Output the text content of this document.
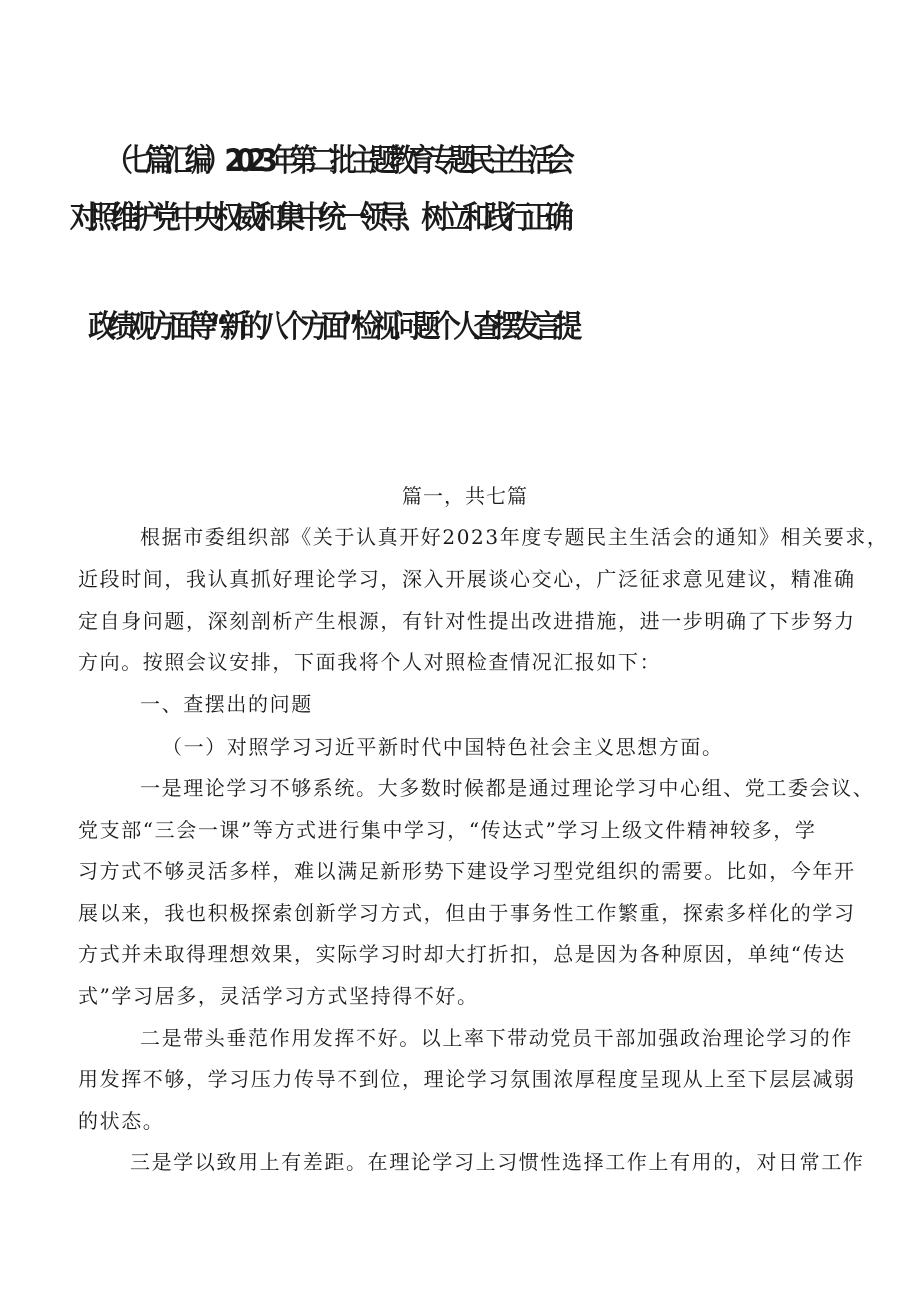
（七篇汇编）2023年第二批主题教育专题民主生活会
对照维护党中央权威和集中统一领导、树立和践行正确
政绩观方面等“新的八个方面”检视问题个人查摆发言提

篇一，共七篇

根据市委组织部《关于认真开好2023年度专题民主生活会的通知》相关要求，

近段时间，我认真抓好理论学习，深入开展谈心交心，广泛征求意见建议，精准确

定自身问题，深刻剖析产生根源，有针对性提出改进措施，进一步明确了下步努力

方向。按照会议安排，下面我将个人对照检查情况汇报如下：

一、查摆出的问题

（一）对照学习习近平新时代中国特色社会主义思想方面。

一是理论学习不够系统。大多数时候都是通过理论学习中心组、党工委会议、

党支部“三会一课”等方式进行集中学习，“传达式”学习上级文件精神较多，学

习方式不够灵活多样，难以满足新形势下建设学习型党组织的需要。比如，今年开

展以来，我也积极探索创新学习方式，但由于事务性工作繁重，探索多样化的学习

方式并未取得理想效果，实际学习时却大打折扣，总是因为各种原因，单纯“传达

式”学习居多，灵活学习方式坚持得不好。

二是带头垂范作用发挥不好。以上率下带动党员干部加强政治理论学习的作

用发挥不够，学习压力传导不到位，理论学习氛围浓厚程度呈现从上至下层层减弱

的状态。

三是学以致用上有差距。在理论学习上习惯性选择工作上有用的，对日常工作
